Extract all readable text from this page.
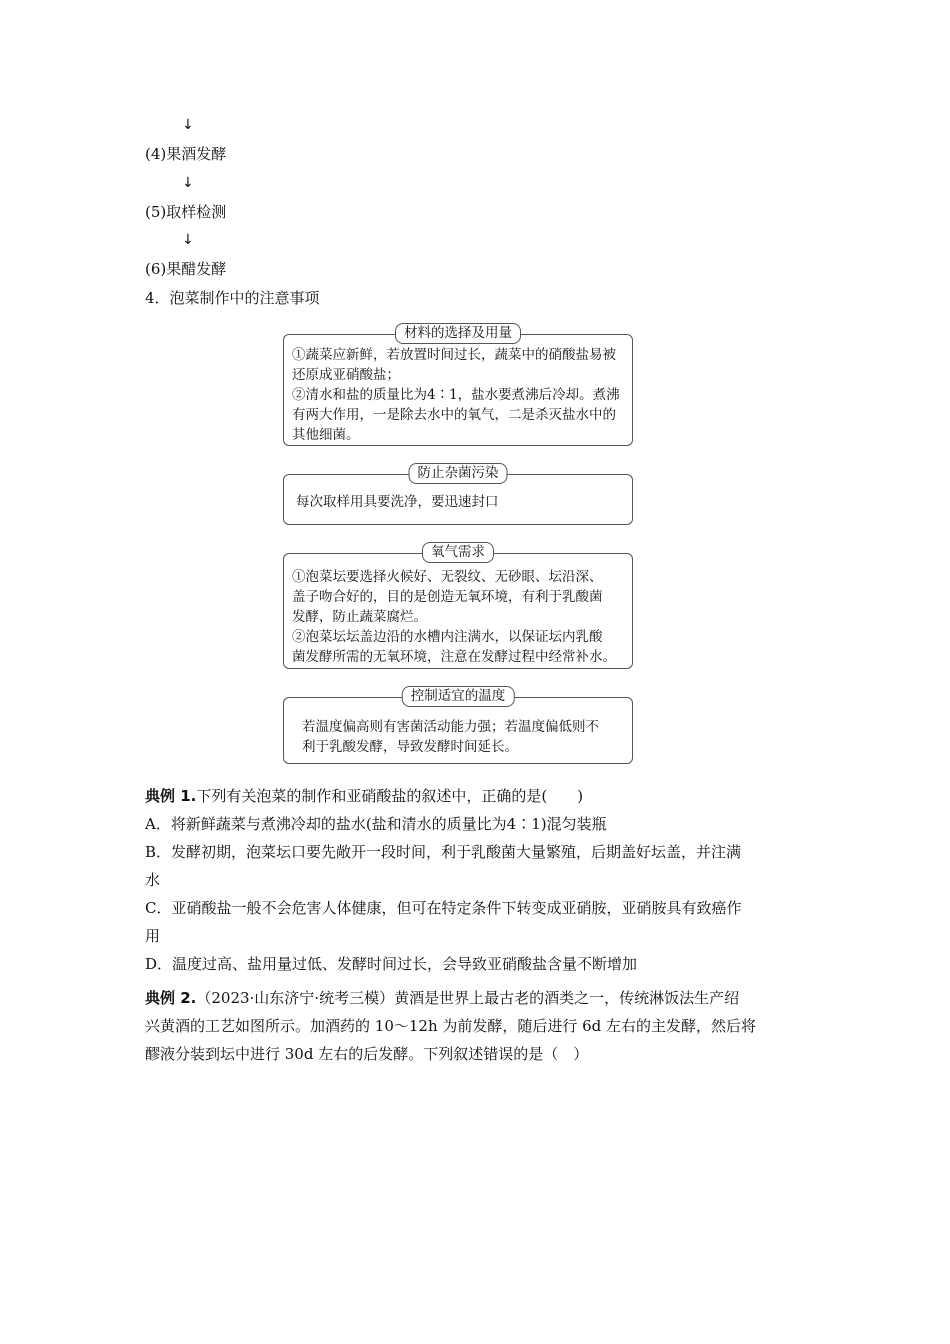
↓
(4)果酒发酵
↓
(5)取样检测
↓
(6)果醋发酵
4．泡菜制作中的注意事项
材料的选择及用量

①蔬菜应新鲜，若放置时间过长，蔬菜中的硝酸盐易被

还原成亚硝酸盐；

②清水和盐的质量比为4∶1，盐水要煮沸后冷却。煮沸

有两大作用，一是除去水中的氧气，二是杀灭盐水中的

其他细菌。

防止杂菌污染

每次取样用具要洗净，要迅速封口

氧气需求

①泡菜坛要选择火候好、无裂纹、无砂眼、坛沿深、

盖子吻合好的，目的是创造无氧环境，有利于乳酸菌

发酵，防止蔬菜腐烂。

②泡菜坛坛盖边沿的水槽内注满水，以保证坛内乳酸

菌发酵所需的无氧环境，注意在发酵过程中经常补水。

控制适宜的温度

若温度偏高则有害菌活动能力强；若温度偏低则不

利于乳酸发酵，导致发酵时间延长。

典例 1.下列有关泡菜的制作和亚硝酸盐的叙述中，正确的是(　　)

A．将新鲜蔬菜与煮沸冷却的盐水(盐和清水的质量比为4∶1)混匀装瓶

B．发酵初期，泡菜坛口要先敞开一段时间，利于乳酸菌大量繁殖，后期盖好坛盖，并注满

水

C．亚硝酸盐一般不会危害人体健康，但可在特定条件下转变成亚硝胺，亚硝胺具有致癌作

用

D．温度过高、盐用量过低、发酵时间过长，会导致亚硝酸盐含量不断增加

典例 2.（2023·山东济宁·统考三模）黄酒是世界上最古老的酒类之一，传统淋饭法生产绍

兴黄酒的工艺如图所示。加酒药的 10～12h 为前发酵，随后进行 6d 左右的主发酵，然后将

醪液分装到坛中进行 30d 左右的后发酵。下列叙述错误的是（　）
